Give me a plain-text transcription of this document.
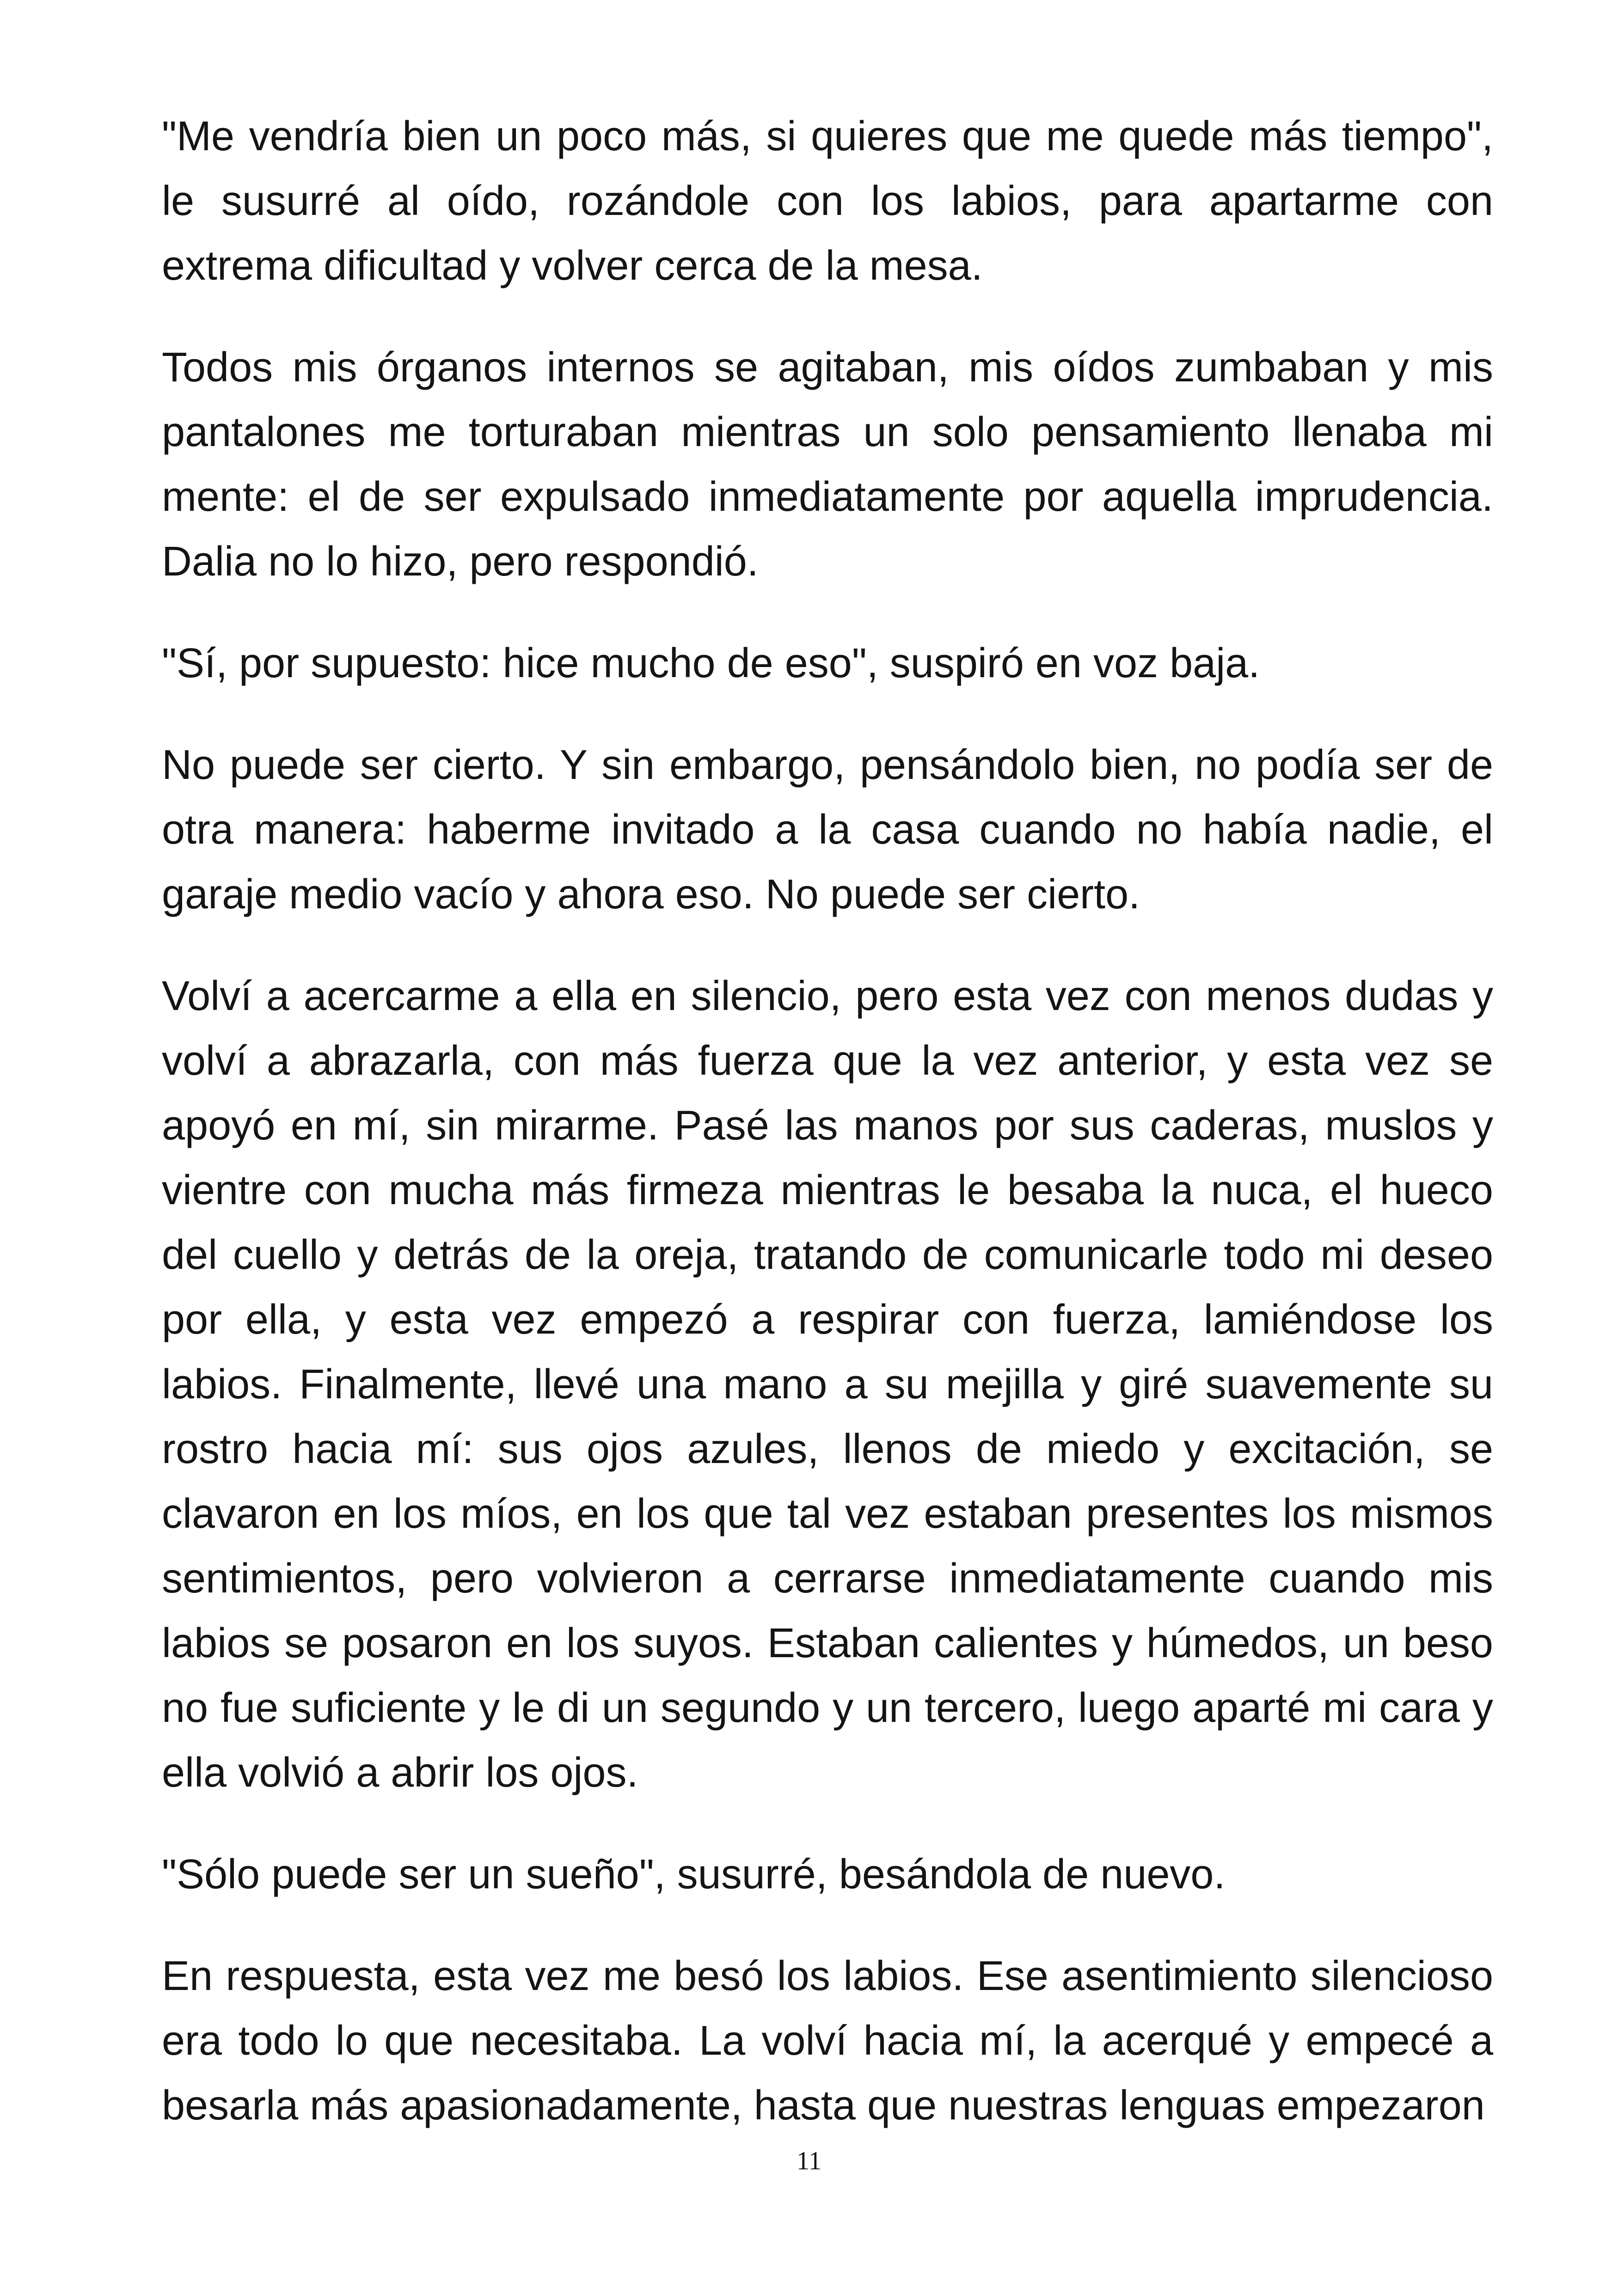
"Me vendría bien un poco más, si quieres que me quede más tiempo", le susurré al oído, rozándole con los labios, para apartarme con extrema dificultad y volver cerca de la mesa.

Todos mis órganos internos se agitaban, mis oídos zumbaban y mis pantalones me torturaban mientras un solo pensamiento llenaba mi mente: el de ser expulsado inmediatamente por aquella imprudencia. Dalia no lo hizo, pero respondió.

"Sí, por supuesto: hice mucho de eso", suspiró en voz baja.

No puede ser cierto. Y sin embargo, pensándolo bien, no podía ser de otra manera: haberme invitado a la casa cuando no había nadie, el garaje medio vacío y ahora eso. No puede ser cierto.

Volví a acercarme a ella en silencio, pero esta vez con menos dudas y volví a abrazarla, con más fuerza que la vez anterior, y esta vez se apoyó en mí, sin mirarme. Pasé las manos por sus caderas, muslos y vientre con mucha más firmeza mientras le besaba la nuca, el hueco del cuello y detrás de la oreja, tratando de comunicarle todo mi deseo por ella, y esta vez empezó a respirar con fuerza, lamiéndose los labios. Finalmente, llevé una mano a su mejilla y giré suavemente su rostro hacia mí: sus ojos azules, llenos de miedo y excitación, se clavaron en los míos, en los que tal vez estaban presentes los mismos sentimientos, pero volvieron a cerrarse inmediatamente cuando mis labios se posaron en los suyos. Estaban calientes y húmedos, un beso no fue suficiente y le di un segundo y un tercero, luego aparté mi cara y ella volvió a abrir los ojos.

"Sólo puede ser un sueño", susurré, besándola de nuevo.

En respuesta, esta vez me besó los labios. Ese asentimiento silencioso era todo lo que necesitaba. La volví hacia mí, la acerqué y empecé a besarla más apasionadamente, hasta que nuestras lenguas empezaron

11
